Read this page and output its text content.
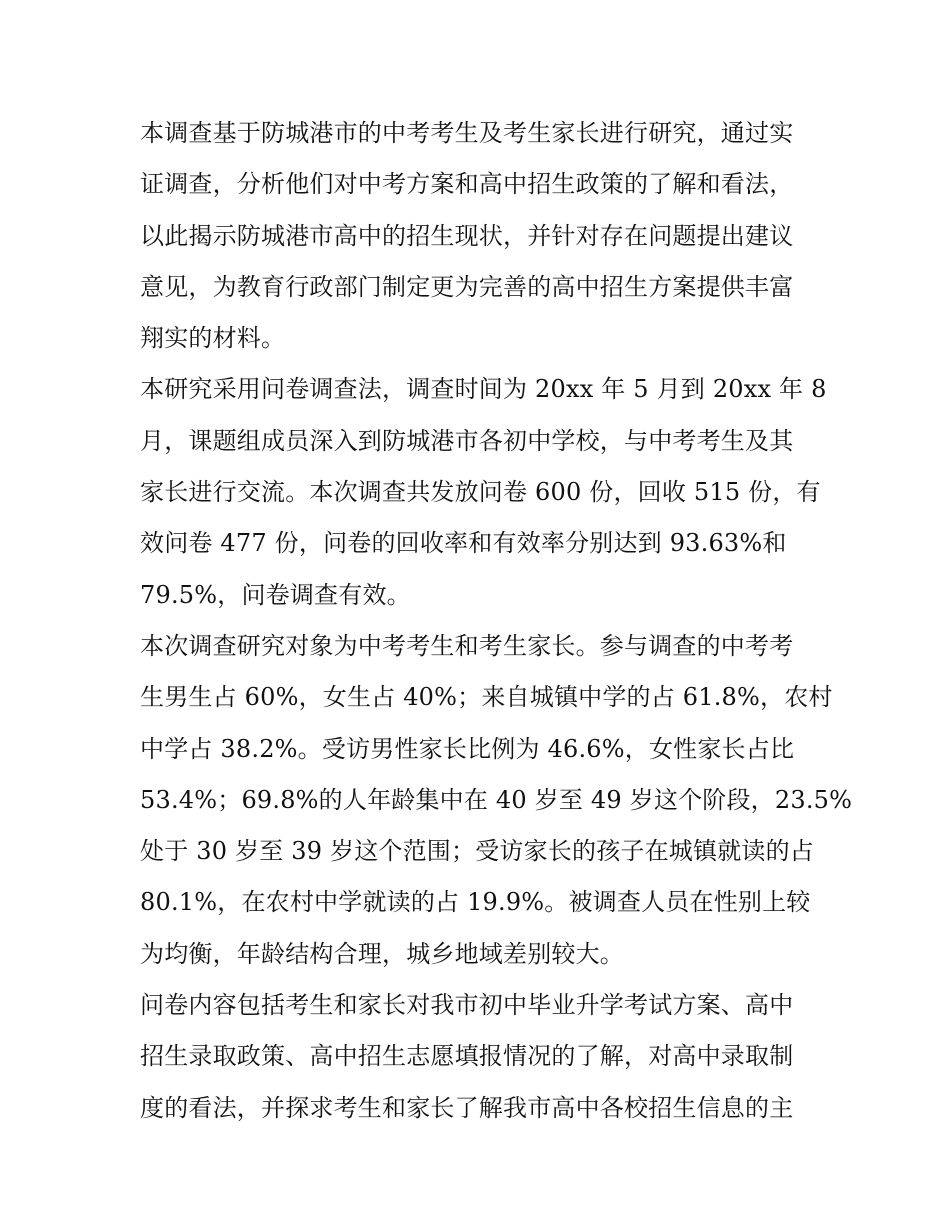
本调查基于防城港市的中考考生及考生家长进行研究，通过实
证调查，分析他们对中考方案和高中招生政策的了解和看法，
以此揭示防城港市高中的招生现状，并针对存在问题提出建议
意见，为教育行政部门制定更为完善的高中招生方案提供丰富
翔实的材料。

本研究采用问卷调查法，调查时间为 20xx 年 5 月到 20xx 年 8
月，课题组成员深入到防城港市各初中学校，与中考考生及其
家长进行交流。本次调查共发放问卷 600 份，回收 515 份，有
效问卷 477 份，问卷的回收率和有效率分别达到 93.63%和
79.5%，问卷调查有效。

本次调查研究对象为中考考生和考生家长。参与调查的中考考
生男生占 60%，女生占 40%；来自城镇中学的占 61.8%，农村
中学占 38.2%。受访男性家长比例为 46.6%，女性家长占比
53.4%；69.8%的人年龄集中在 40 岁至 49 岁这个阶段，23.5%
处于 30 岁至 39 岁这个范围；受访家长的孩子在城镇就读的占
80.1%，在农村中学就读的占 19.9%。被调查人员在性别上较
为均衡，年龄结构合理，城乡地域差别较大。

问卷内容包括考生和家长对我市初中毕业升学考试方案、高中
招生录取政策、高中招生志愿填报情况的了解，对高中录取制
度的看法，并探求考生和家长了解我市高中各校招生信息的主
